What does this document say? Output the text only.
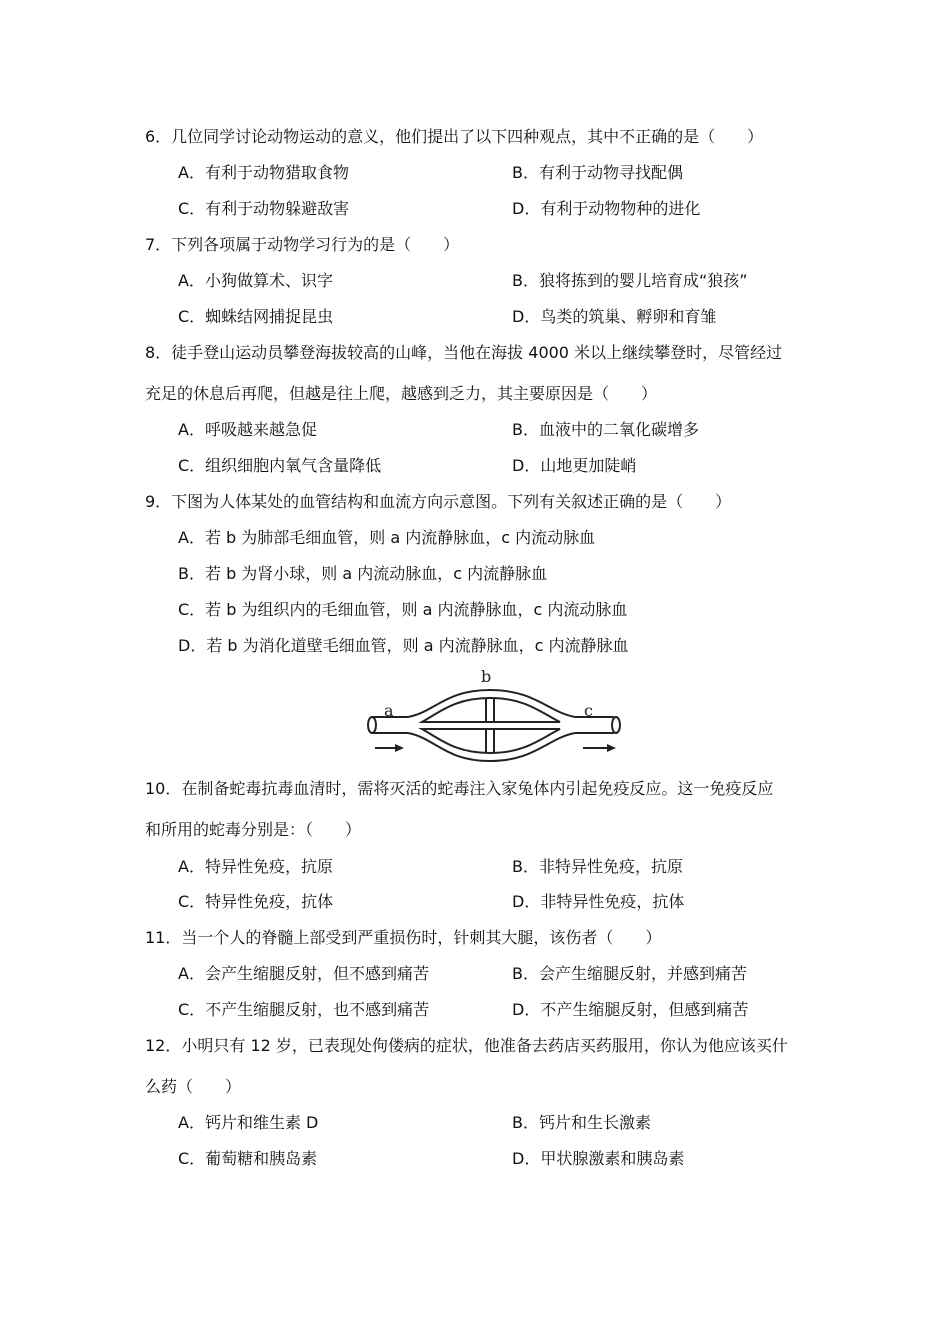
6．几位同学讨论动物运动的意义，他们提出了以下四种观点，其中不正确的是（　　）
A．有利于动物猎取食物	B．有利于动物寻找配偶
C．有利于动物躲避敌害	D．有利于动物物种的进化
7．下列各项属于动物学习行为的是（　　）
A．小狗做算术、识字	B．狼将拣到的婴儿培育成“狼孩”
C．蜘蛛结网捕捉昆虫	D．鸟类的筑巢、孵卵和育雏
8．徒手登山运动员攀登海拔较高的山峰，当他在海拔 4000 米以上继续攀登时，尽管经过
充足的休息后再爬，但越是往上爬，越感到乏力，其主要原因是（　　）
A．呼吸越来越急促	B．血液中的二氧化碳增多
C．组织细胞内氧气含量降低	D．山地更加陡峭
9．下图为人体某处的血管结构和血流方向示意图。下列有关叙述正确的是（　　）
A．若 b 为肺部毛细血管，则 a 内流静脉血，c 内流动脉血
B．若 b 为肾小球，则 a 内流动脉血，c 内流静脉血
C．若 b 为组织内的毛细血管，则 a 内流静脉血，c 内流动脉血
D．若 b 为消化道壁毛细血管，则 a 内流静脉血，c 内流静脉血
a
b
c
10．在制备蛇毒抗毒血清时，需将灭活的蛇毒注入家兔体内引起免疫反应。这一免疫反应
和所用的蛇毒分别是：（　　）
A．特异性免疫，抗原	B．非特异性免疫，抗原
C．特异性免疫，抗体	D．非特异性免疫，抗体
11．当一个人的脊髓上部受到严重损伤时，针刺其大腿，该伤者（　　）
A．会产生缩腿反射，但不感到痛苦	B．会产生缩腿反射，并感到痛苦
C．不产生缩腿反射，也不感到痛苦	D．不产生缩腿反射，但感到痛苦
12．小明只有 12 岁，已表现处佝偻病的症状，他准备去药店买药服用，你认为他应该买什
么药（　　）
A．钙片和维生素 D	B．钙片和生长激素
C．葡萄糖和胰岛素	D．甲状腺激素和胰岛素
